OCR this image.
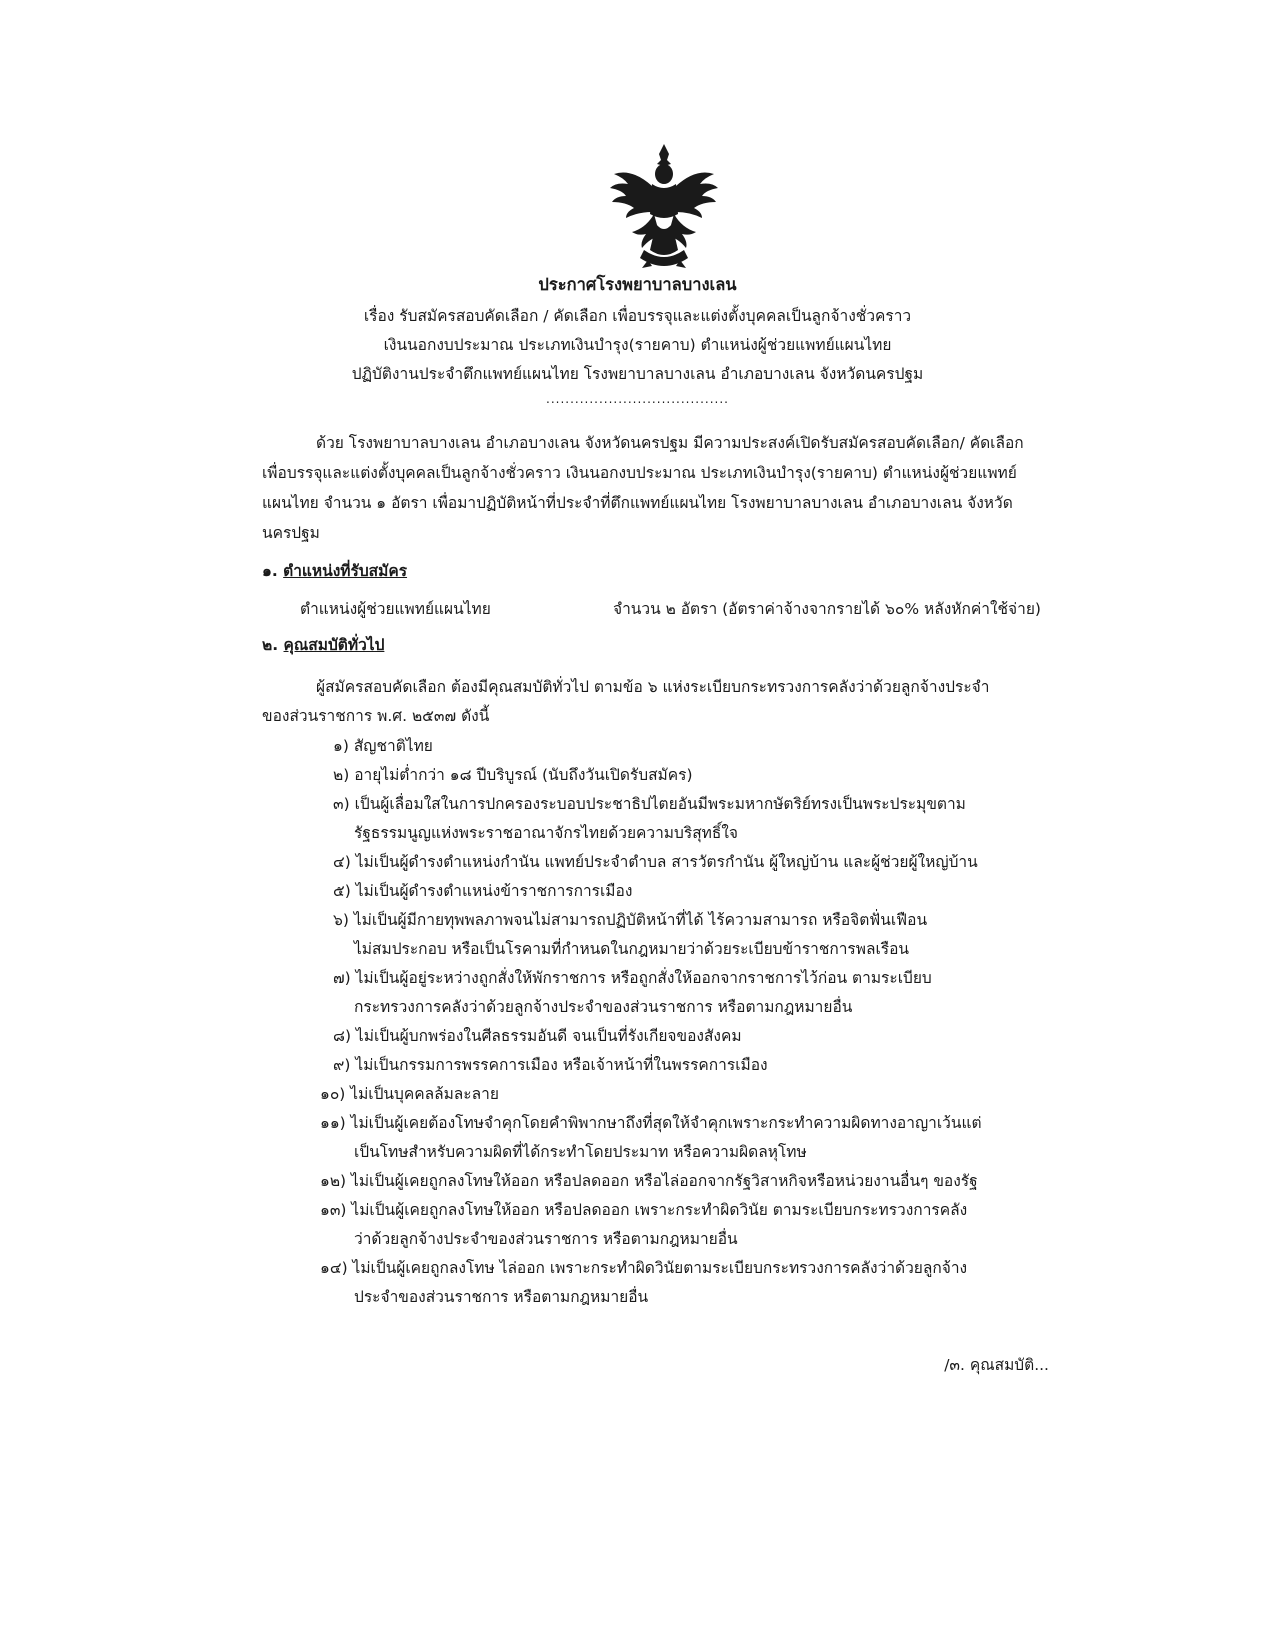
ประกาศโรงพยาบาลบางเลน
เรื่อง รับสมัครสอบคัดเลือก / คัดเลือก เพื่อบรรจุและแต่งตั้งบุคคลเป็นลูกจ้างชั่วคราว
เงินนอกงบประมาณ ประเภทเงินบำรุง(รายคาบ) ตำแหน่งผู้ช่วยแพทย์แผนไทย
ปฏิบัติงานประจำตึกแพทย์แผนไทย โรงพยาบาลบางเลน อำเภอบางเลน จังหวัดนครปฐม
......................................
ด้วย โรงพยาบาลบางเลน อำเภอบางเลน จังหวัดนครปฐม มีความประสงค์เปิดรับสมัครสอบคัดเลือก/ คัดเลือก
เพื่อบรรจุและแต่งตั้งบุคคลเป็นลูกจ้างชั่วคราว เงินนอกงบประมาณ ประเภทเงินบำรุง(รายคาบ) ตำแหน่งผู้ช่วยแพทย์
แผนไทย จำนวน ๑ อัตรา เพื่อมาปฏิบัติหน้าที่ประจำที่ตึกแพทย์แผนไทย โรงพยาบาลบางเลน อำเภอบางเลน จังหวัด
นครปฐม
๑. ตำแหน่งที่รับสมัคร
ตำแหน่งผู้ช่วยแพทย์แผนไทย	จำนวน ๒ อัตรา (อัตราค่าจ้างจากรายได้ ๖๐% หลังหักค่าใช้จ่าย)
๒. คุณสมบัติทั่วไป
ผู้สมัครสอบคัดเลือก ต้องมีคุณสมบัติทั่วไป ตามข้อ ๖ แห่งระเบียบกระทรวงการคลังว่าด้วยลูกจ้างประจำ
ของส่วนราชการ พ.ศ. ๒๕๓๗ ดังนี้
๑) สัญชาติไทย
๒) อายุไม่ต่ำกว่า ๑๘ ปีบริบูรณ์ (นับถึงวันเปิดรับสมัคร)
๓) เป็นผู้เลื่อมใสในการปกครองระบอบประชาธิปไตยอันมีพระมหากษัตริย์ทรงเป็นพระประมุขตาม
รัฐธรรมนูญแห่งพระราชอาณาจักรไทยด้วยความบริสุทธิ์ใจ
๔) ไม่เป็นผู้ดำรงตำแหน่งกำนัน แพทย์ประจำตำบล สารวัตรกำนัน ผู้ใหญ่บ้าน และผู้ช่วยผู้ใหญ่บ้าน
๕) ไม่เป็นผู้ดำรงตำแหน่งข้าราชการการเมือง
๖) ไม่เป็นผู้มีกายทุพพลภาพจนไม่สามารถปฏิบัติหน้าที่ได้ ไร้ความสามารถ หรือจิตฟั่นเฟือน
ไม่สมประกอบ หรือเป็นโรคามที่กำหนดในกฎหมายว่าด้วยระเบียบข้าราชการพลเรือน
๗) ไม่เป็นผู้อยู่ระหว่างถูกสั่งให้พักราชการ หรือถูกสั่งให้ออกจากราชการไว้ก่อน ตามระเบียบ
กระทรวงการคลังว่าด้วยลูกจ้างประจำของส่วนราชการ หรือตามกฎหมายอื่น
๘) ไม่เป็นผู้บกพร่องในศีลธรรมอันดี จนเป็นที่รังเกียจของสังคม
๙) ไม่เป็นกรรมการพรรคการเมือง หรือเจ้าหน้าที่ในพรรคการเมือง
๑๐) ไม่เป็นบุคคลล้มละลาย
๑๑) ไม่เป็นผู้เคยต้องโทษจำคุกโดยคำพิพากษาถึงที่สุดให้จำคุกเพราะกระทำความผิดทางอาญาเว้นแต่
เป็นโทษสำหรับความผิดที่ได้กระทำโดยประมาท หรือความผิดลหุโทษ
๑๒) ไม่เป็นผู้เคยถูกลงโทษให้ออก หรือปลดออก หรือไล่ออกจากรัฐวิสาหกิจหรือหน่วยงานอื่นๆ ของรัฐ
๑๓) ไม่เป็นผู้เคยถูกลงโทษให้ออก หรือปลดออก เพราะกระทำผิดวินัย ตามระเบียบกระทรวงการคลัง
ว่าด้วยลูกจ้างประจำของส่วนราชการ หรือตามกฎหมายอื่น
๑๔) ไม่เป็นผู้เคยถูกลงโทษ ไล่ออก เพราะกระทำผิดวินัยตามระเบียบกระทรวงการคลังว่าด้วยลูกจ้าง
ประจำของส่วนราชการ หรือตามกฎหมายอื่น
/๓. คุณสมบัติ...
